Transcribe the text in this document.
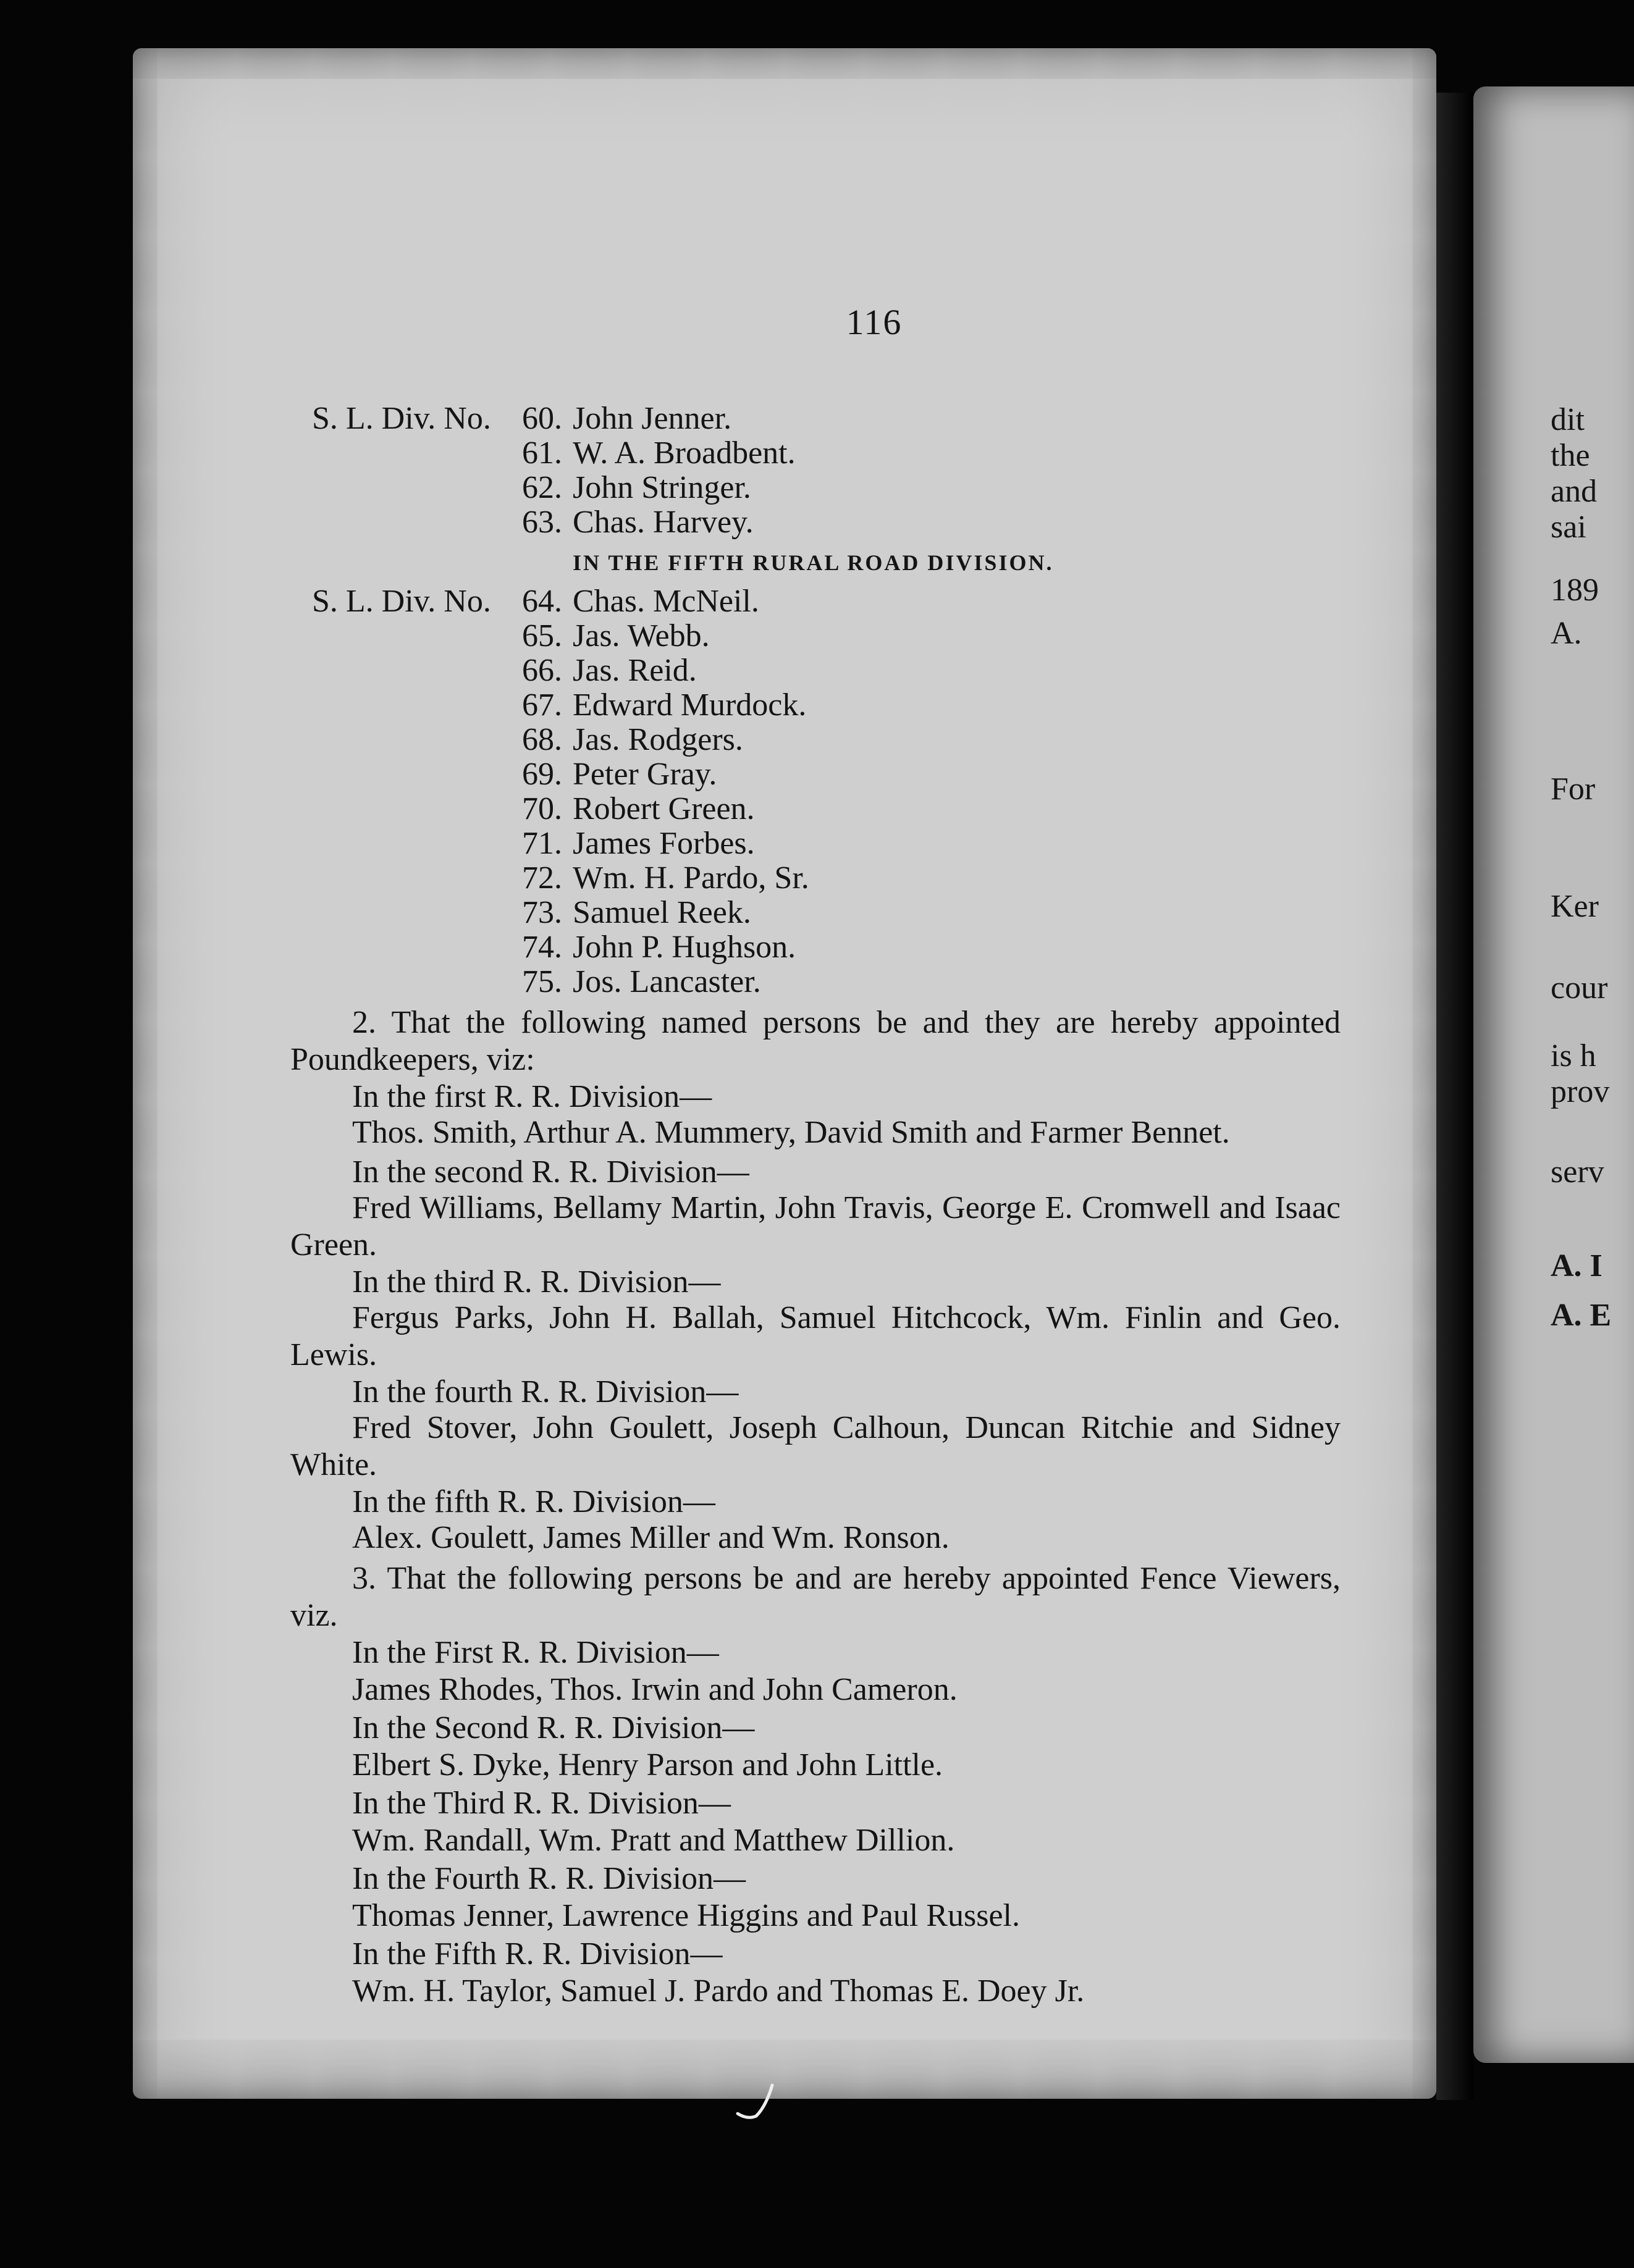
116
S. L. Div. No. 60. John Jenner.
61. W. A. Broadbent.
62. John Stringer.
63. Chas. Harvey.
IN THE FIFTH RURAL ROAD DIVISION.
S. L. Div. No. 64. Chas. McNeil.
65. Jas. Webb.
66. Jas. Reid.
67. Edward Murdock.
68. Jas. Rodgers.
69. Peter Gray.
70. Robert Green.
71. James Forbes.
72. Wm. H. Pardo, Sr.
73. Samuel Reek.
74. John P. Hughson.
75. Jos. Lancaster.
2. That the following named persons be and they are hereby appointed Poundkeepers, viz:
In the first R. R. Division—
Thos. Smith, Arthur A. Mummery, David Smith and Farmer Bennet.
In the second R. R. Division—
Fred Williams, Bellamy Martin, John Travis, George E. Cromwell and Isaac Green.
In the third R. R. Division—
Fergus Parks, John H. Ballah, Samuel Hitchcock, Wm. Finlin and Geo. Lewis.
In the fourth R. R. Division—
Fred Stover, John Goulett, Joseph Calhoun, Duncan Ritchie and Sidney White.
In the fifth R. R. Division—
Alex. Goulett, James Miller and Wm. Ronson.
3. That the following persons be and are hereby appointed Fence Viewers, viz.
In the First R. R. Division—
James Rhodes, Thos. Irwin and John Cameron.
In the Second R. R. Division—
Elbert S. Dyke, Henry Parson and John Little.
In the Third R. R. Division—
Wm. Randall, Wm. Pratt and Matthew Dillion.
In the Fourth R. R. Division—
Thomas Jenner, Lawrence Higgins and Paul Russel.
In the Fifth R. R. Division—
Wm. H. Taylor, Samuel J. Pardo and Thomas E. Doey Jr.
dit
the
and
sai
189
A.
For
Ker
cour
is h
prov
serv
A. I
A. E
